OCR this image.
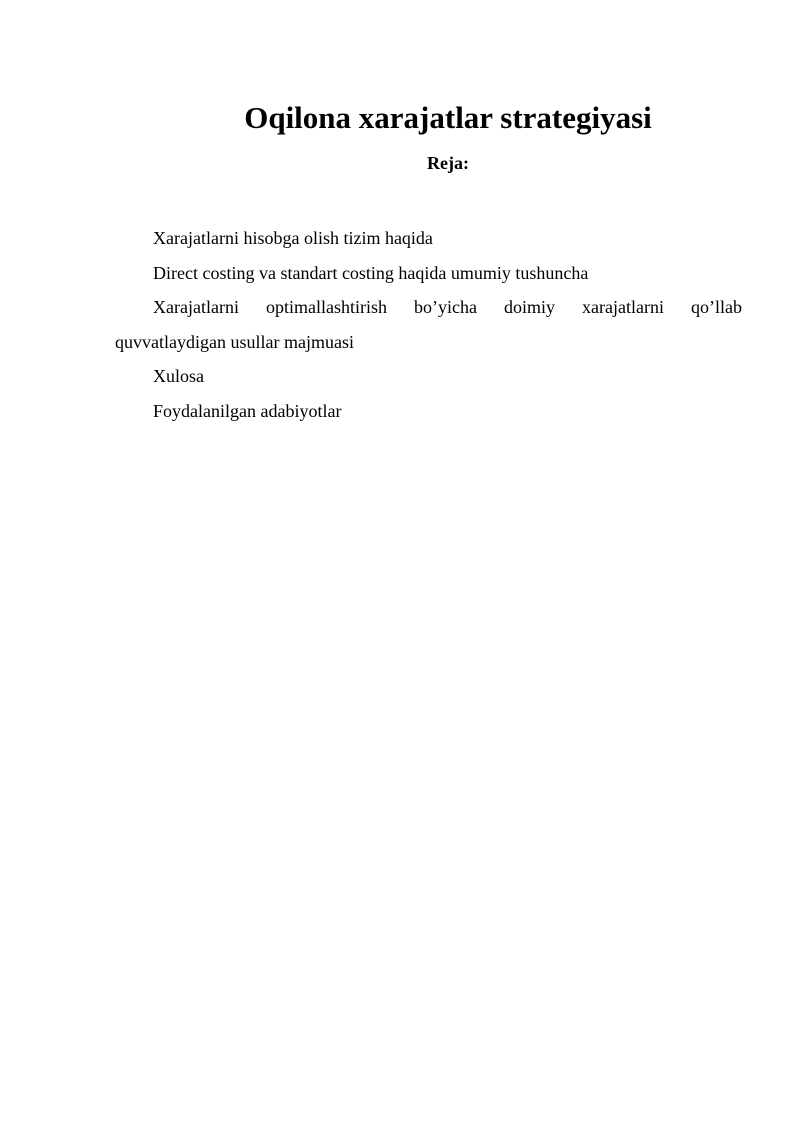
Oqilona xarajatlar strategiyasi
Reja:
Xarajatlarni hisobga olish tizim haqida
Direct costing va standart costing haqida umumiy tushuncha
Xarajatlarni optimallashtirish bo’yicha doimiy xarajatlarni qo’llab quvvatlaydigan usullar majmuasi
Xulosa
Foydalanilgan adabiyotlar
